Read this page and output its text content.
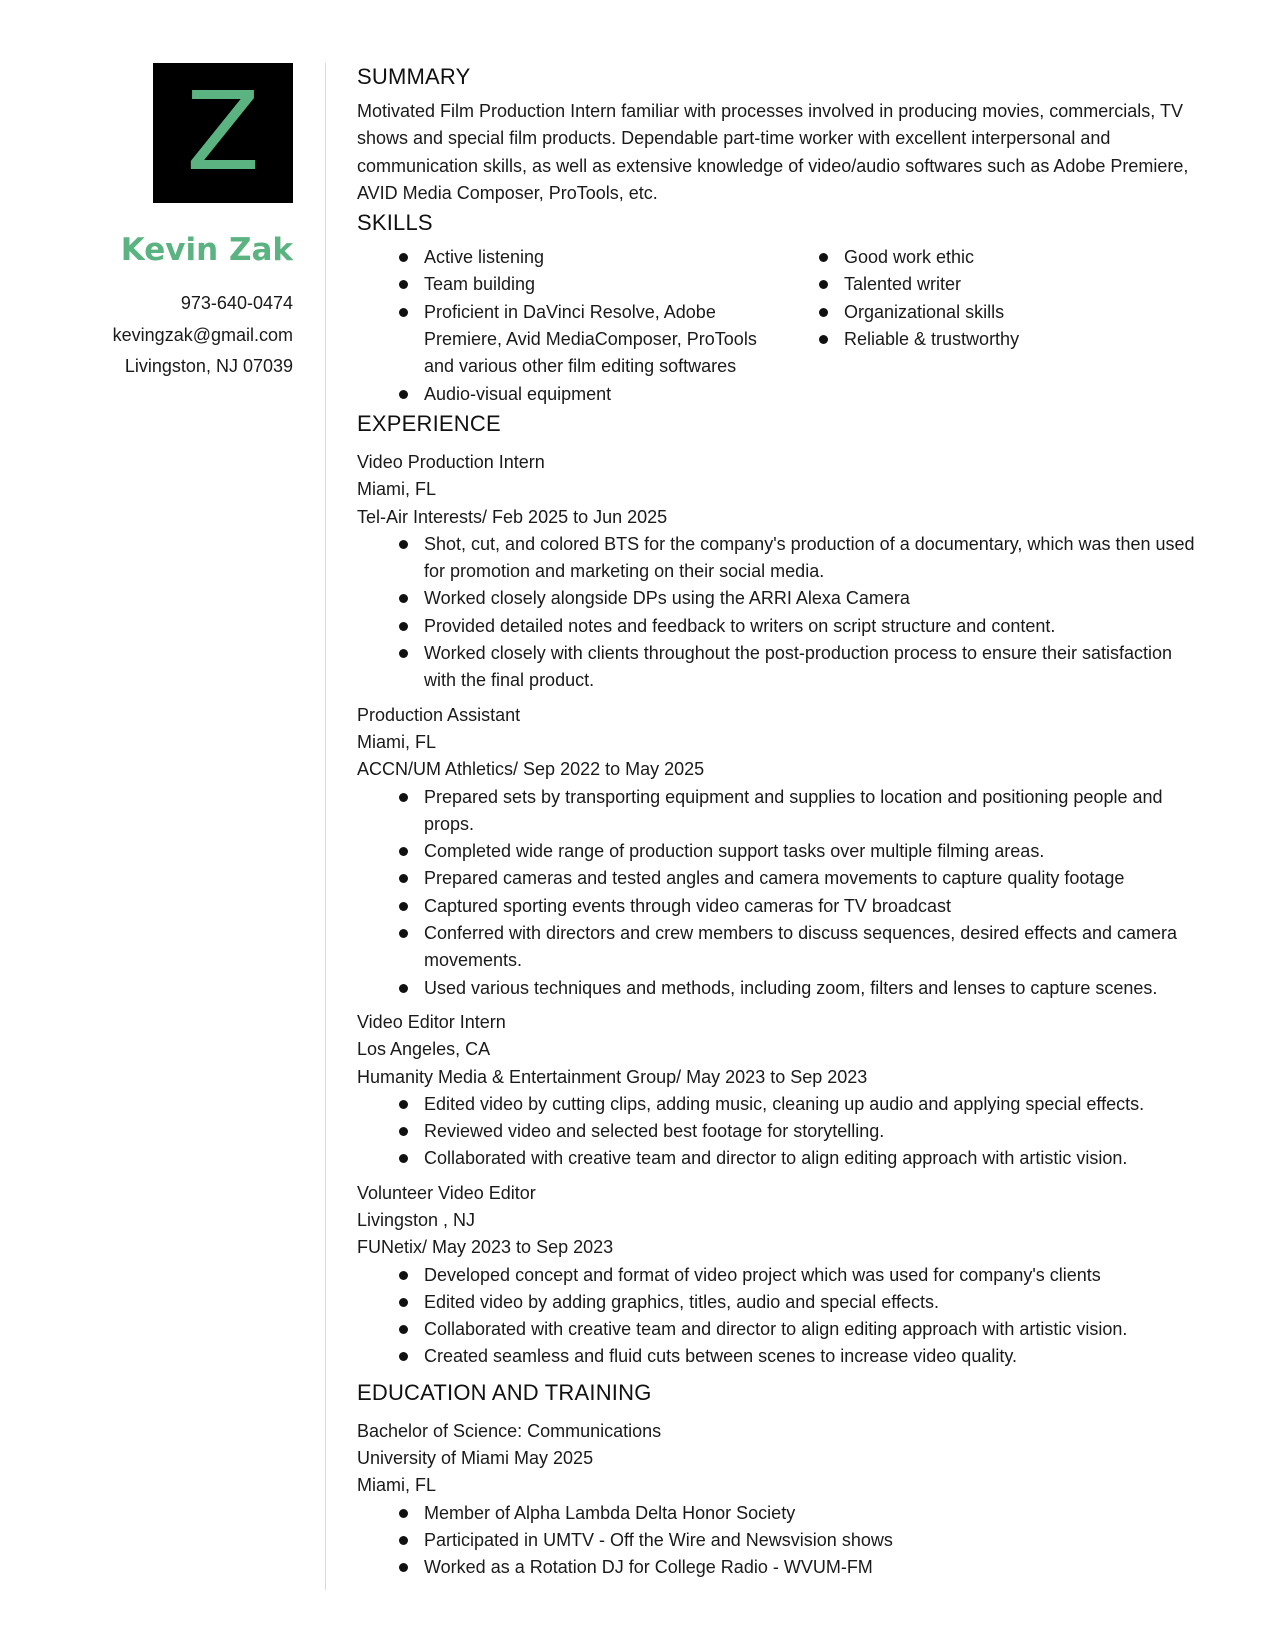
Z
Kevin Zak
973-640-0474
kevingzak@gmail.com
Livingston, NJ 07039
SUMMARY

Motivated Film Production Intern familiar with processes involved in producing movies, commercials, TV shows and special film products. Dependable part-time worker with excellent interpersonal and communication skills, as well as extensive knowledge of video/audio softwares such as Adobe Premiere, AVID Media Composer, ProTools, etc.

SKILLS
Active listening
Team building
Proficient in DaVinci Resolve, Adobe Premiere, Avid MediaComposer, ProTools and various other film editing softwares
Audio-visual equipment
Good work ethic
Talented writer
Organizational skills
Reliable & trustworthy
EXPERIENCE
Video Production Intern
Miami, FL
Tel-Air Interests/ Feb 2025 to Jun 2025
Shot, cut, and colored BTS for the company's production of a documentary, which was then used for promotion and marketing on their social media.
Worked closely alongside DPs using the ARRI Alexa Camera
Provided detailed notes and feedback to writers on script structure and content.
Worked closely with clients throughout the post-production process to ensure their satisfaction with the final product.
Production Assistant
Miami, FL
ACCN/UM Athletics/ Sep 2022 to May 2025
Prepared sets by transporting equipment and supplies to location and positioning people and props.
Completed wide range of production support tasks over multiple filming areas.
Prepared cameras and tested angles and camera movements to capture quality footage
Captured sporting events through video cameras for TV broadcast
Conferred with directors and crew members to discuss sequences, desired effects and camera movements.
Used various techniques and methods, including zoom, filters and lenses to capture scenes.
Video Editor Intern
Los Angeles, CA
Humanity Media & Entertainment Group/ May 2023 to Sep 2023
Edited video by cutting clips, adding music, cleaning up audio and applying special effects.
Reviewed video and selected best footage for storytelling.
Collaborated with creative team and director to align editing approach with artistic vision.
Volunteer Video Editor
Livingston , NJ
FUNetix/ May 2023 to Sep 2023
Developed concept and format of video project which was used for company's clients
Edited video by adding graphics, titles, audio and special effects.
Collaborated with creative team and director to align editing approach with artistic vision.
Created seamless and fluid cuts between scenes to increase video quality.
EDUCATION AND TRAINING
Bachelor of Science: Communications
University of Miami May 2025
Miami, FL
Member of Alpha Lambda Delta Honor Society
Participated in UMTV - Off the Wire and Newsvision shows
Worked as a Rotation DJ for College Radio - WVUM-FM
